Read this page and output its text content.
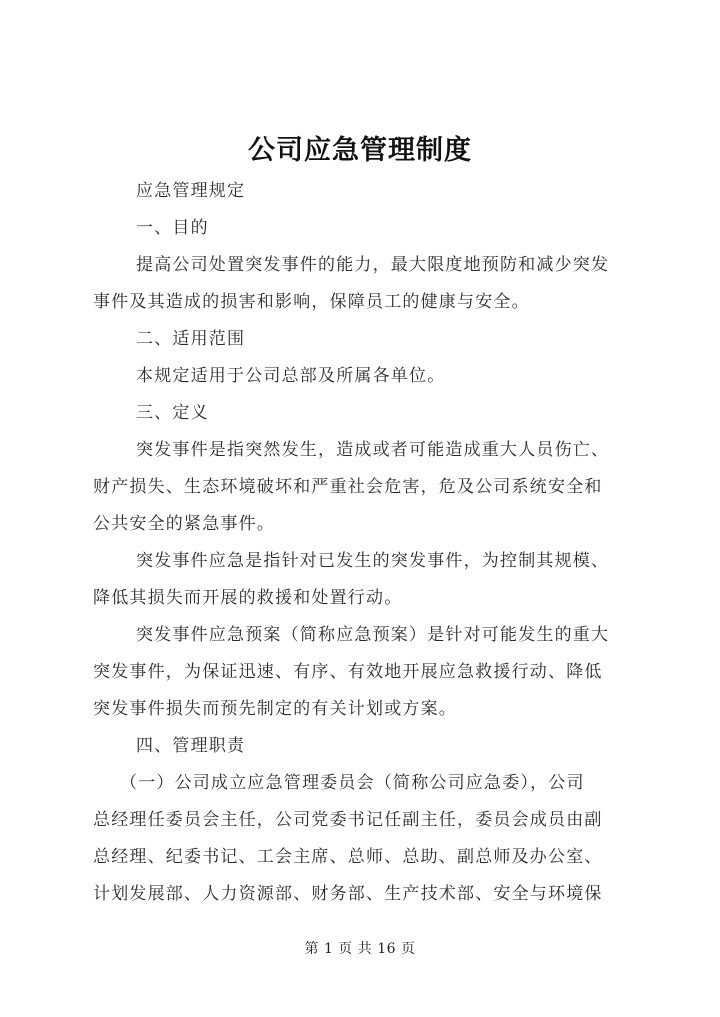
公司应急管理制度
应急管理规定
一、目的
提高公司处置突发事件的能力，最大限度地预防和减少突发
事件及其造成的损害和影响，保障员工的健康与安全。
二、适用范围
本规定适用于公司总部及所属各单位。
三、定义
突发事件是指突然发生，造成或者可能造成重大人员伤亡、
财产损失、生态环境破坏和严重社会危害，危及公司系统安全和
公共安全的紧急事件。
突发事件应急是指针对已发生的突发事件，为控制其规模、
降低其损失而开展的救援和处置行动。
突发事件应急预案（简称应急预案）是针对可能发生的重大
突发事件，为保证迅速、有序、有效地开展应急救援行动、降低
突发事件损失而预先制定的有关计划或方案。
四、管理职责
（一）公司成立应急管理委员会（简称公司应急委），公司
总经理任委员会主任，公司党委书记任副主任，委员会成员由副
总经理、纪委书记、工会主席、总师、总助、副总师及办公室、
计划发展部、人力资源部、财务部、生产技术部、安全与环境保
第 1 页 共 16 页
